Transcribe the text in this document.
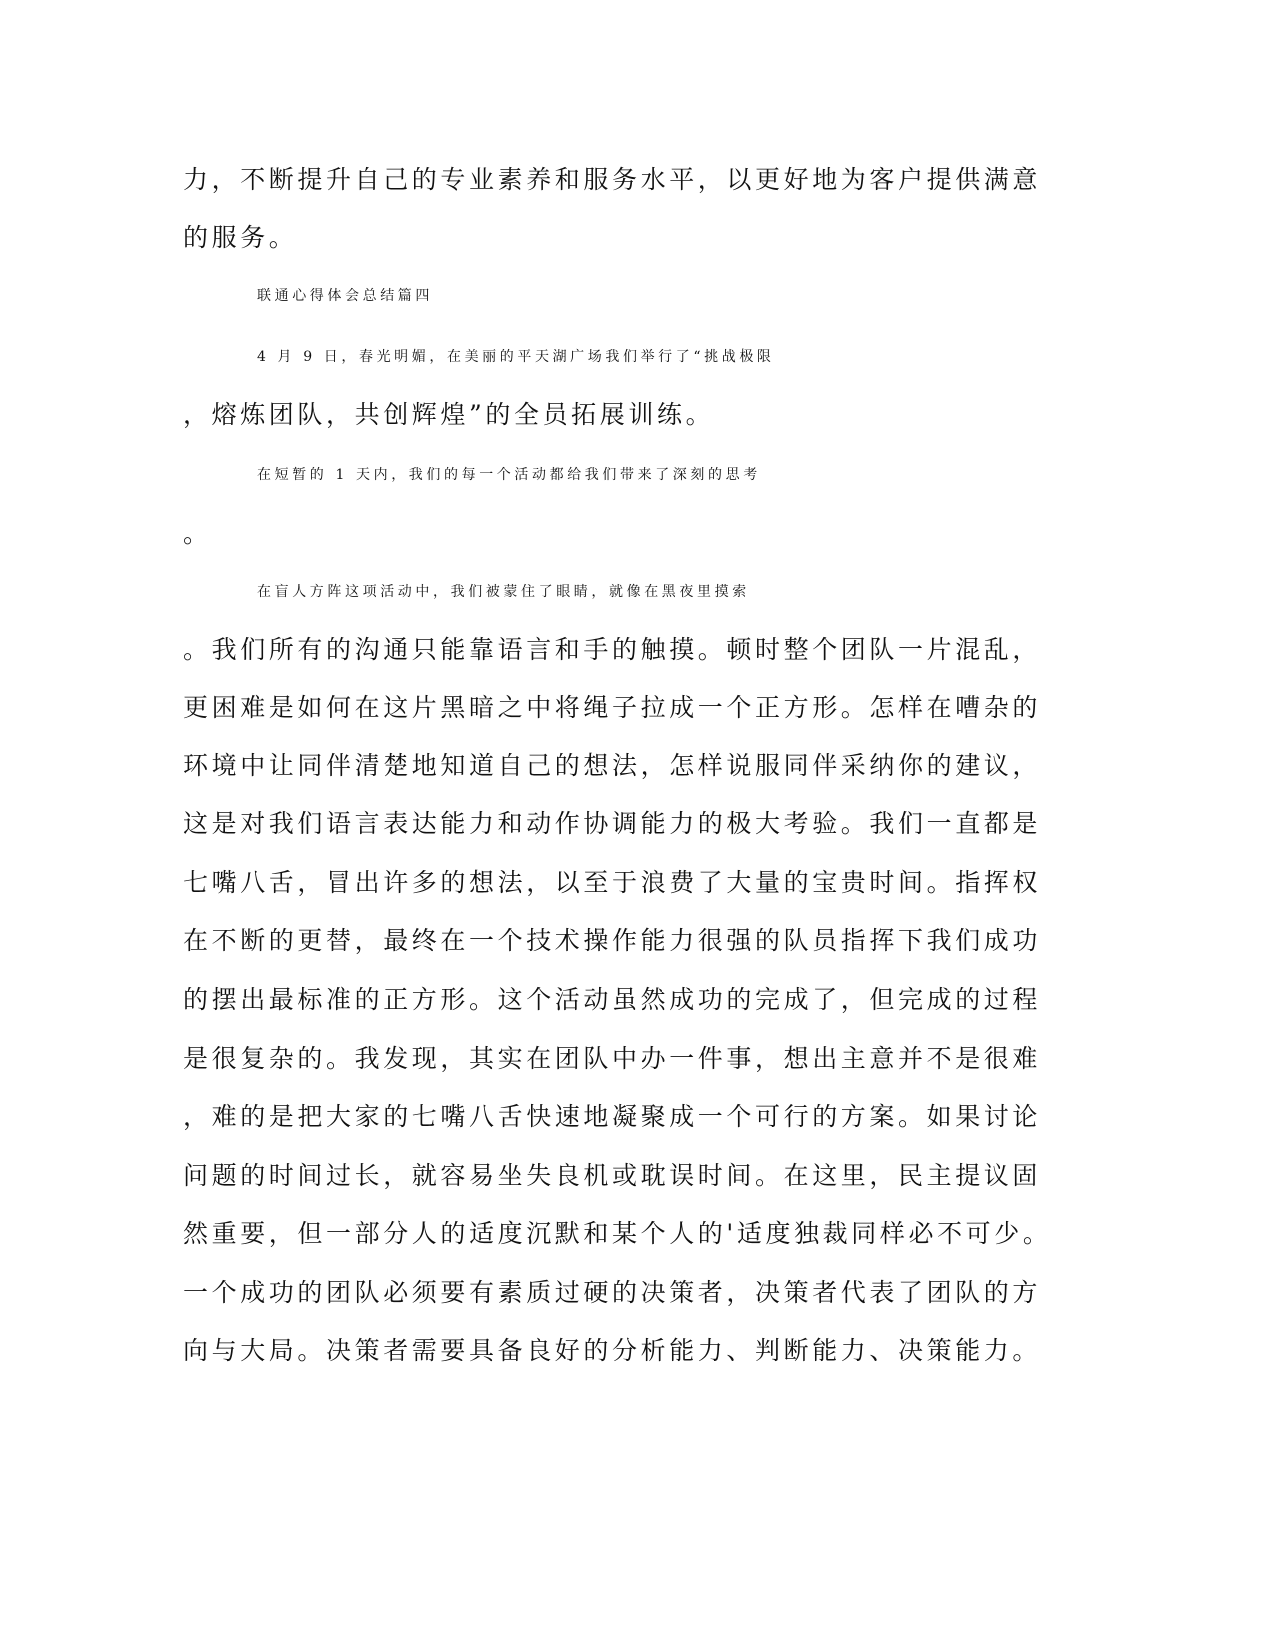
力，不断提升自己的专业素养和服务水平，以更好地为客户提供满意
的服务。
联通心得体会总结篇四
4 月 9 日，春光明媚，在美丽的平天湖广场我们举行了“挑战极限
，熔炼团队，共创辉煌”的全员拓展训练。
在短暂的 1 天内，我们的每一个活动都给我们带来了深刻的思考
。
在盲人方阵这项活动中，我们被蒙住了眼睛，就像在黑夜里摸索
。我们所有的沟通只能靠语言和手的触摸。顿时整个团队一片混乱，
更困难是如何在这片黑暗之中将绳子拉成一个正方形。怎样在嘈杂的
环境中让同伴清楚地知道自己的想法，怎样说服同伴采纳你的建议，
这是对我们语言表达能力和动作协调能力的极大考验。我们一直都是
七嘴八舌，冒出许多的想法，以至于浪费了大量的宝贵时间。指挥权
在不断的更替，最终在一个技术操作能力很强的队员指挥下我们成功
的摆出最标准的正方形。这个活动虽然成功的完成了，但完成的过程
是很复杂的。我发现，其实在团队中办一件事，想出主意并不是很难
，难的是把大家的七嘴八舌快速地凝聚成一个可行的方案。如果讨论
问题的时间过长，就容易坐失良机或耽误时间。在这里，民主提议固
然重要，但一部分人的适度沉默和某个人的'适度独裁同样必不可少。
一个成功的团队必须要有素质过硬的决策者，决策者代表了团队的方
向与大局。决策者需要具备良好的分析能力、判断能力、决策能力。
